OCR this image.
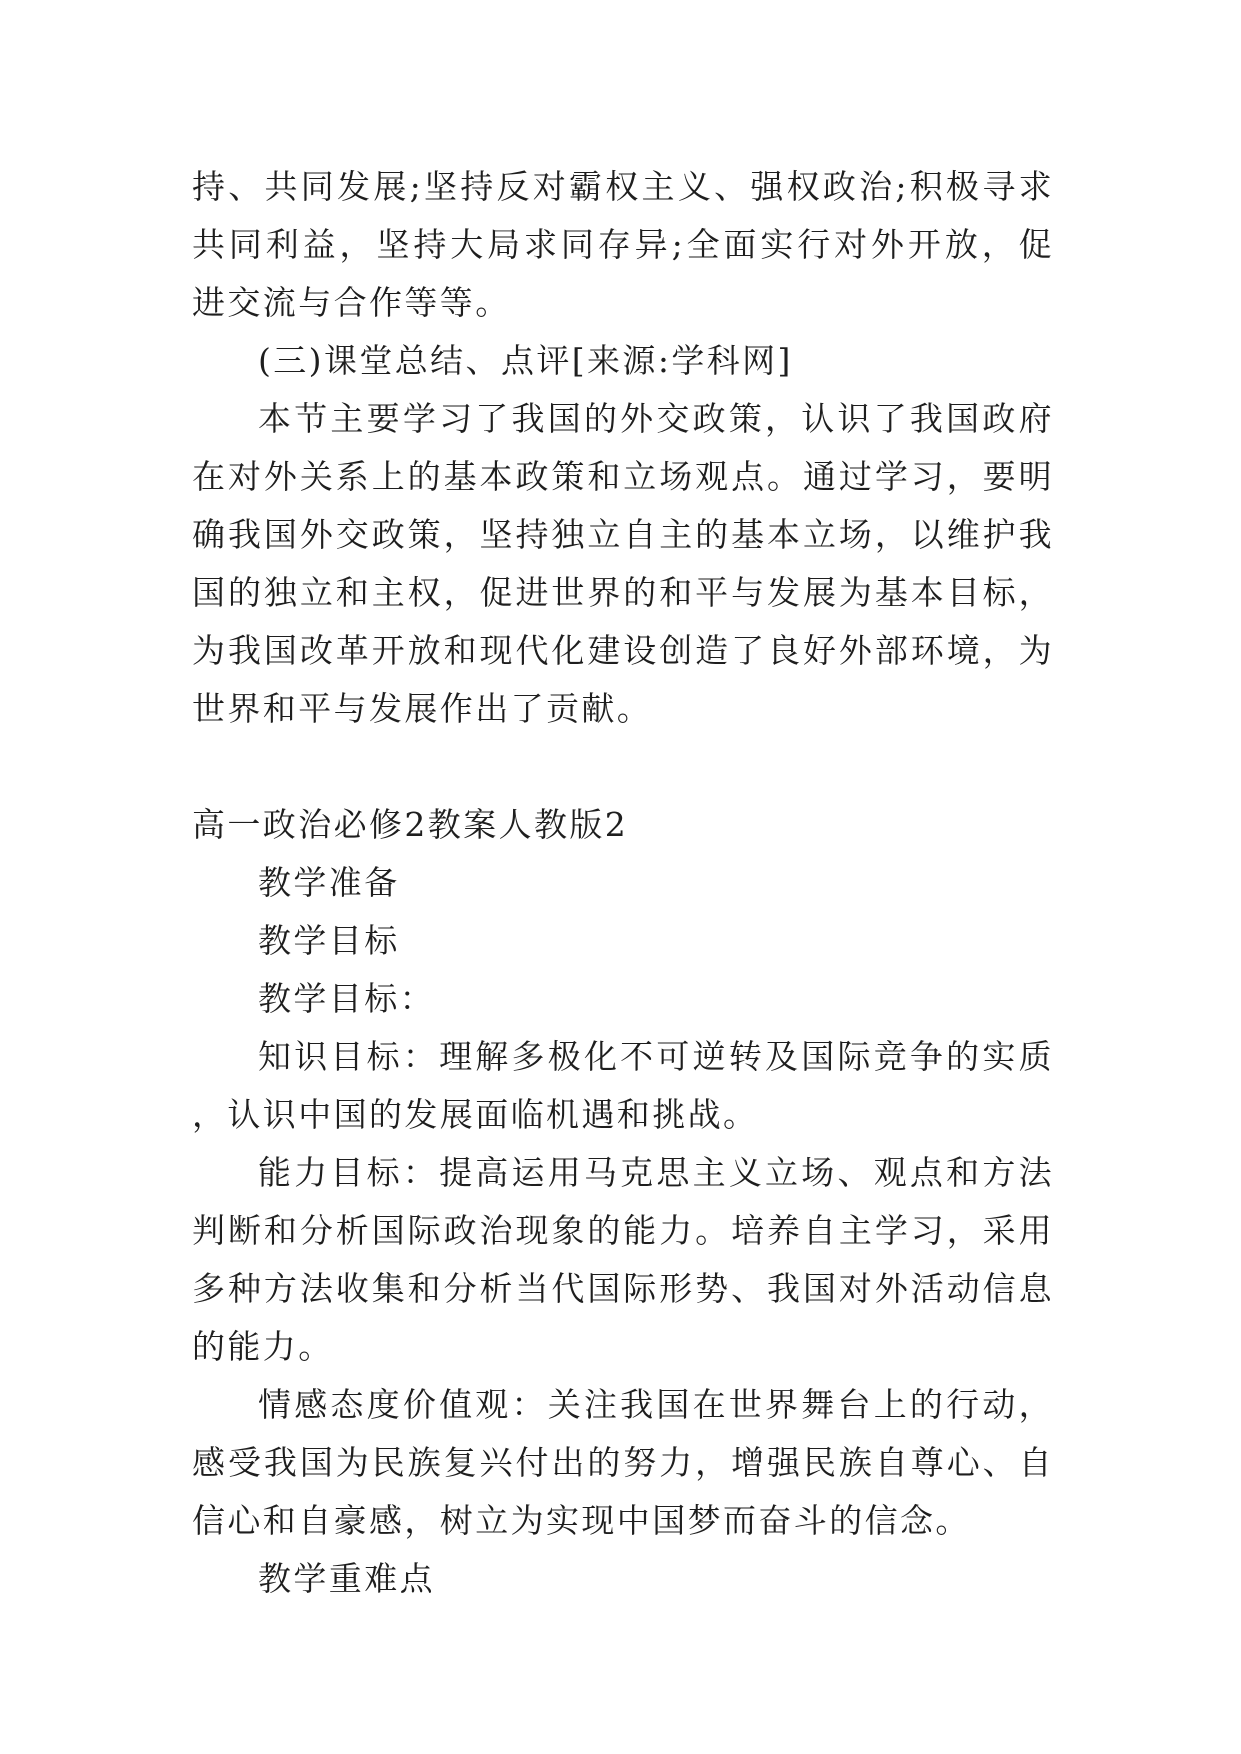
持、共同发展;坚持反对霸权主义、强权政治;积极寻求共同利益，坚持大局求同存异;全面实行对外开放，促进交流与合作等等。

(三)课堂总结、点评[来源:学科网]

本节主要学习了我国的外交政策，认识了我国政府在对外关系上的基本政策和立场观点。通过学习，要明确我国外交政策，坚持独立自主的基本立场，以维护我国的独立和主权，促进世界的和平与发展为基本目标，为我国改革开放和现代化建设创造了良好外部环境，为世界和平与发展作出了贡献。

高一政治必修2教案人教版2

教学准备

教学目标

教学目标：

知识目标：理解多极化不可逆转及国际竞争的实质，认识中国的发展面临机遇和挑战。

能力目标：提高运用马克思主义立场、观点和方法判断和分析国际政治现象的能力。培养自主学习，采用多种方法收集和分析当代国际形势、我国对外活动信息的能力。

情感态度价值观：关注我国在世界舞台上的行动，感受我国为民族复兴付出的努力，增强民族自尊心、自信心和自豪感，树立为实现中国梦而奋斗的信念。

教学重难点
